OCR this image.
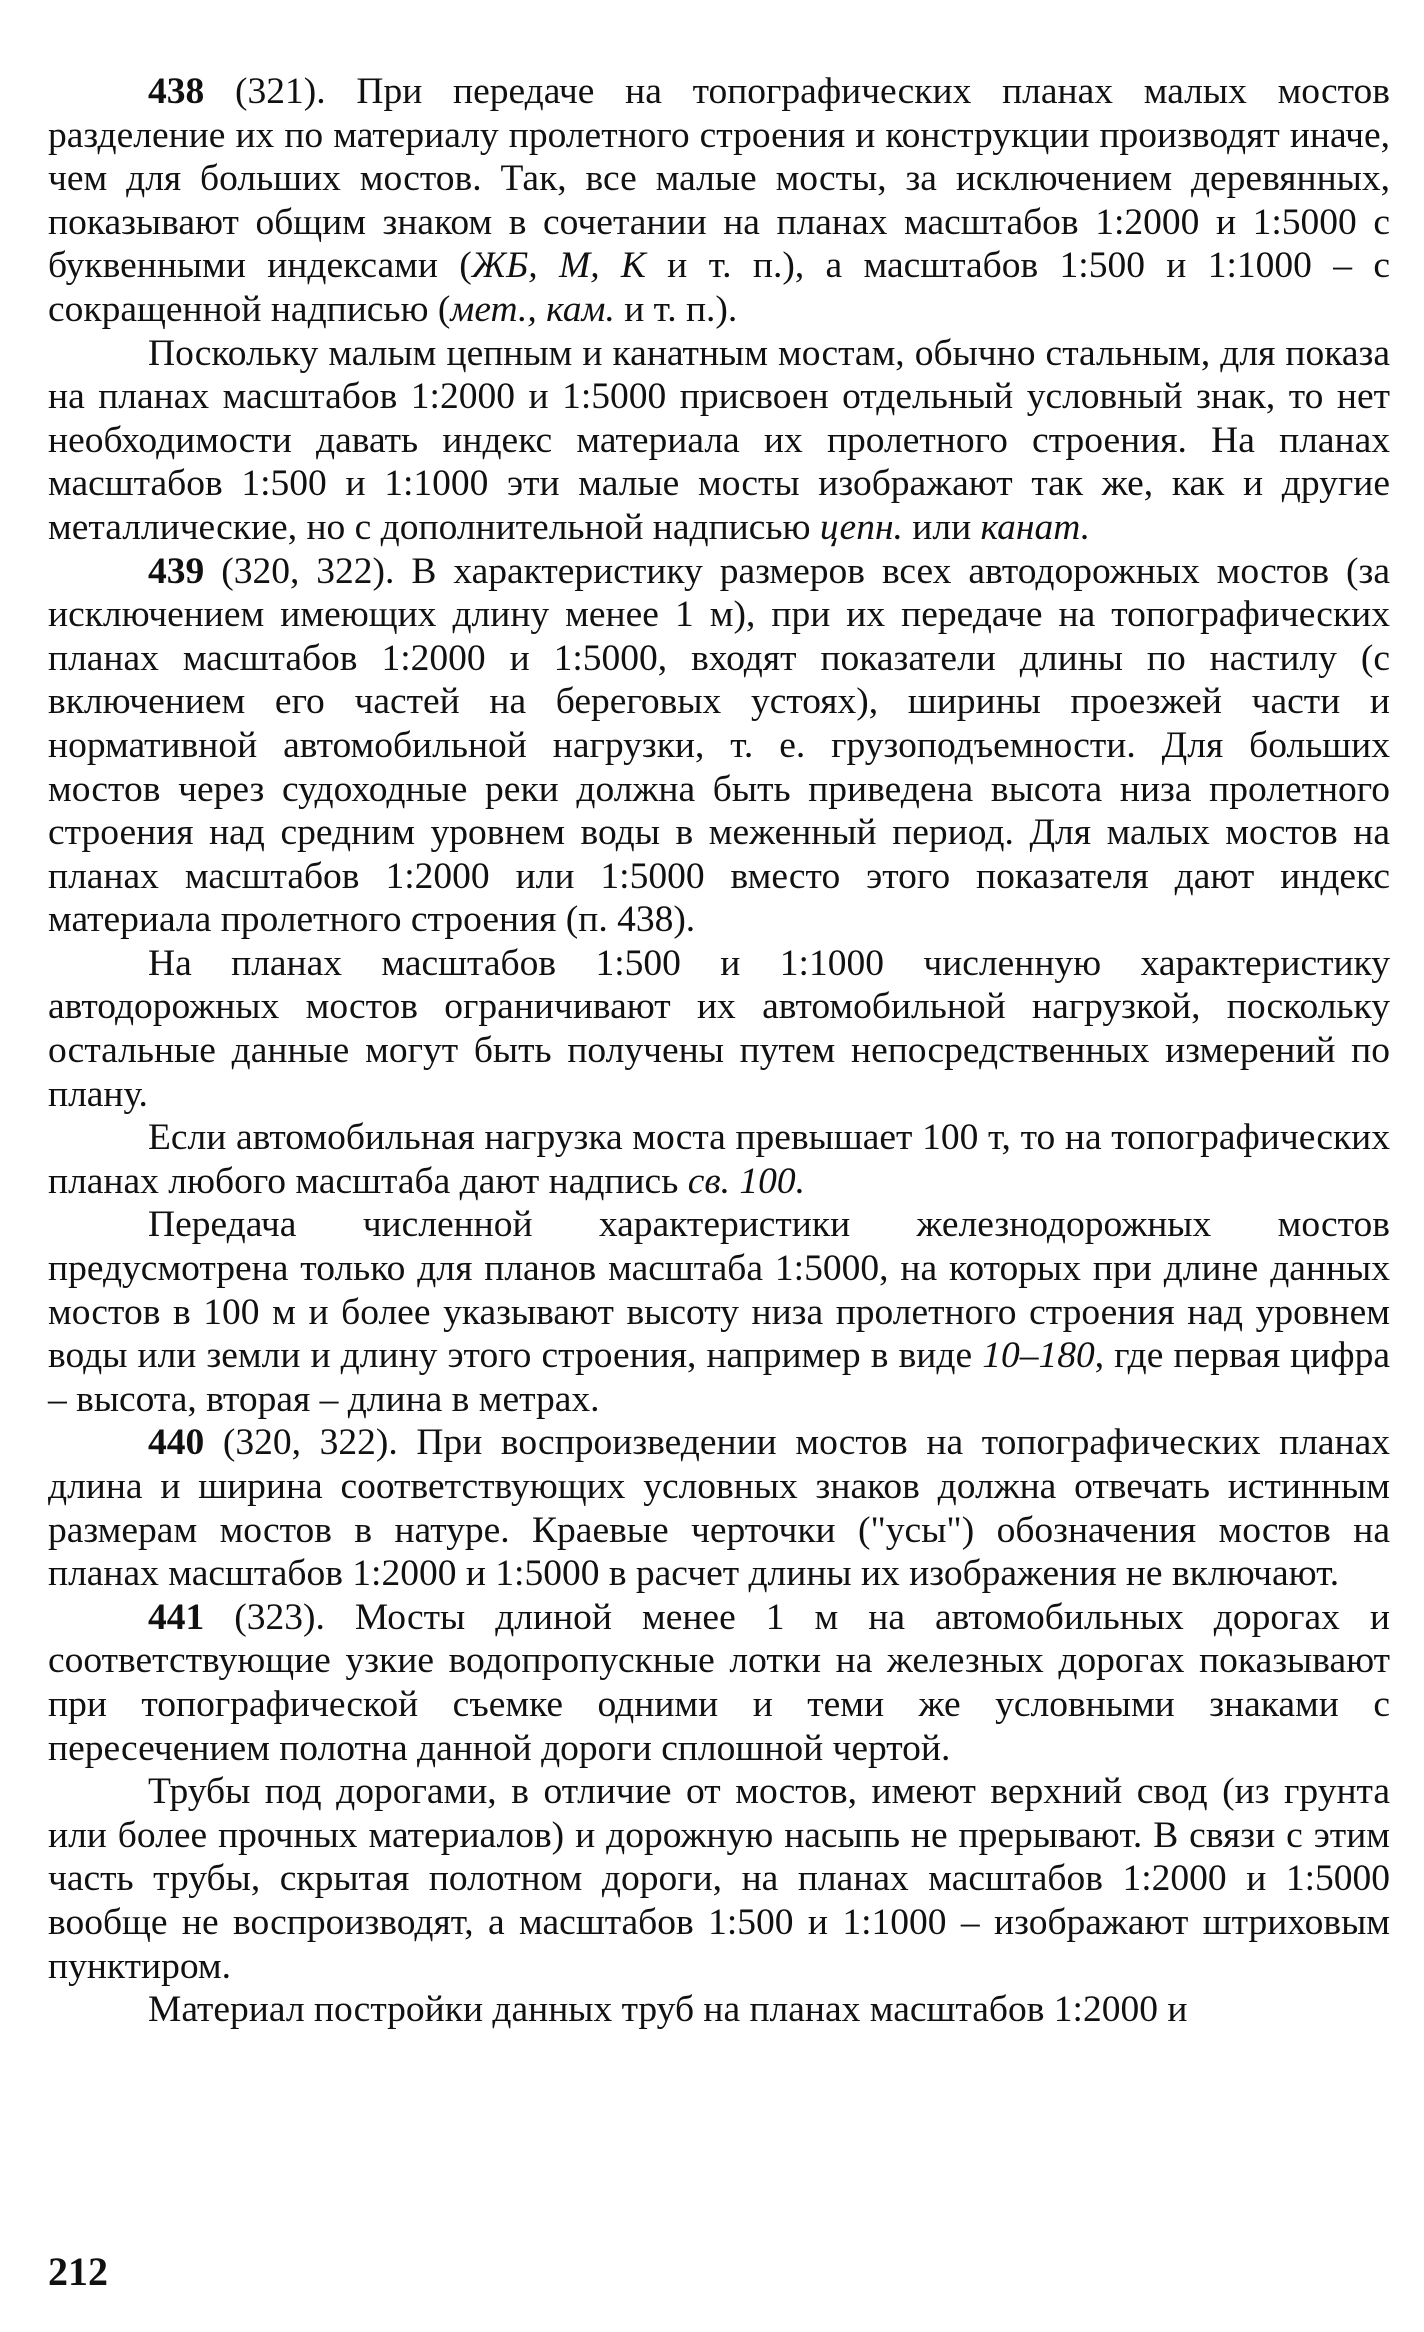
438 (321). При передаче на топографических планах малых мостов разделение их по материалу пролетного строения и конструкции производят иначе, чем для больших мостов. Так, все малые мосты, за исключением деревянных, показывают общим знаком в сочетании на планах масштабов 1:2000 и 1:5000 с буквенными индексами (ЖБ, М, К и т. п.), а масштабов 1:500 и 1:1000 – с сокращенной надписью (мет., кам. и т. п.).

Поскольку малым цепным и канатным мостам, обычно стальным, для показа на планах масштабов 1:2000 и 1:5000 присвоен отдельный условный знак, то нет необходимости давать индекс материала их пролетного строения. На планах масштабов 1:500 и 1:1000 эти малые мосты изображают так же, как и другие металлические, но с дополнительной надписью цепн. или канат.

439 (320, 322). В характеристику размеров всех автодорожных мостов (за исключением имеющих длину менее 1 м), при их передаче на топографических планах масштабов 1:2000 и 1:5000, входят показатели длины по настилу (с включением его частей на береговых устоях), ширины проезжей части и нормативной автомобильной нагрузки, т. е. грузоподъемности. Для больших мостов через судоходные реки должна быть приведена высота низа пролетного строения над средним уровнем воды в меженный период. Для малых мостов на планах масштабов 1:2000 или 1:5000 вместо этого показателя дают индекс материала пролетного строения (п. 438).

На планах масштабов 1:500 и 1:1000 численную характеристику автодорожных мостов ограничивают их автомобильной нагрузкой, поскольку остальные данные могут быть получены путем непосредственных измерений по плану.

Если автомобильная нагрузка моста превышает 100 т, то на топографических планах любого масштаба дают надпись св. 100.

Передача численной характеристики железнодорожных мостов предусмотрена только для планов масштаба 1:5000, на которых при длине данных мостов в 100 м и более указывают высоту низа пролетного строения над уровнем воды или земли и длину этого строения, например в виде 10–180, где первая цифра – высота, вторая – длина в метрах.

440 (320, 322). При воспроизведении мостов на топографических планах длина и ширина соответствующих условных знаков должна отвечать истинным размерам мостов в натуре. Краевые черточки ("усы") обозначения мостов на планах масштабов 1:2000 и 1:5000 в расчет длины их изображения не включают.

441 (323). Мосты длиной менее 1 м на автомобильных дорогах и соответствующие узкие водопропускные лотки на железных дорогах показывают при топографической съемке одними и теми же условными знаками с пересечением полотна данной дороги сплошной чертой.

Трубы под дорогами, в отличие от мостов, имеют верхний свод (из грунта или более прочных материалов) и дорожную насыпь не прерывают. В связи с этим часть трубы, скрытая полотном дороги, на планах масштабов 1:2000 и 1:5000 вообще не воспроизводят, а масштабов 1:500 и 1:1000 – изображают штриховым пунктиром.

Материал постройки данных труб на планах масштабов 1:2000 и

212
